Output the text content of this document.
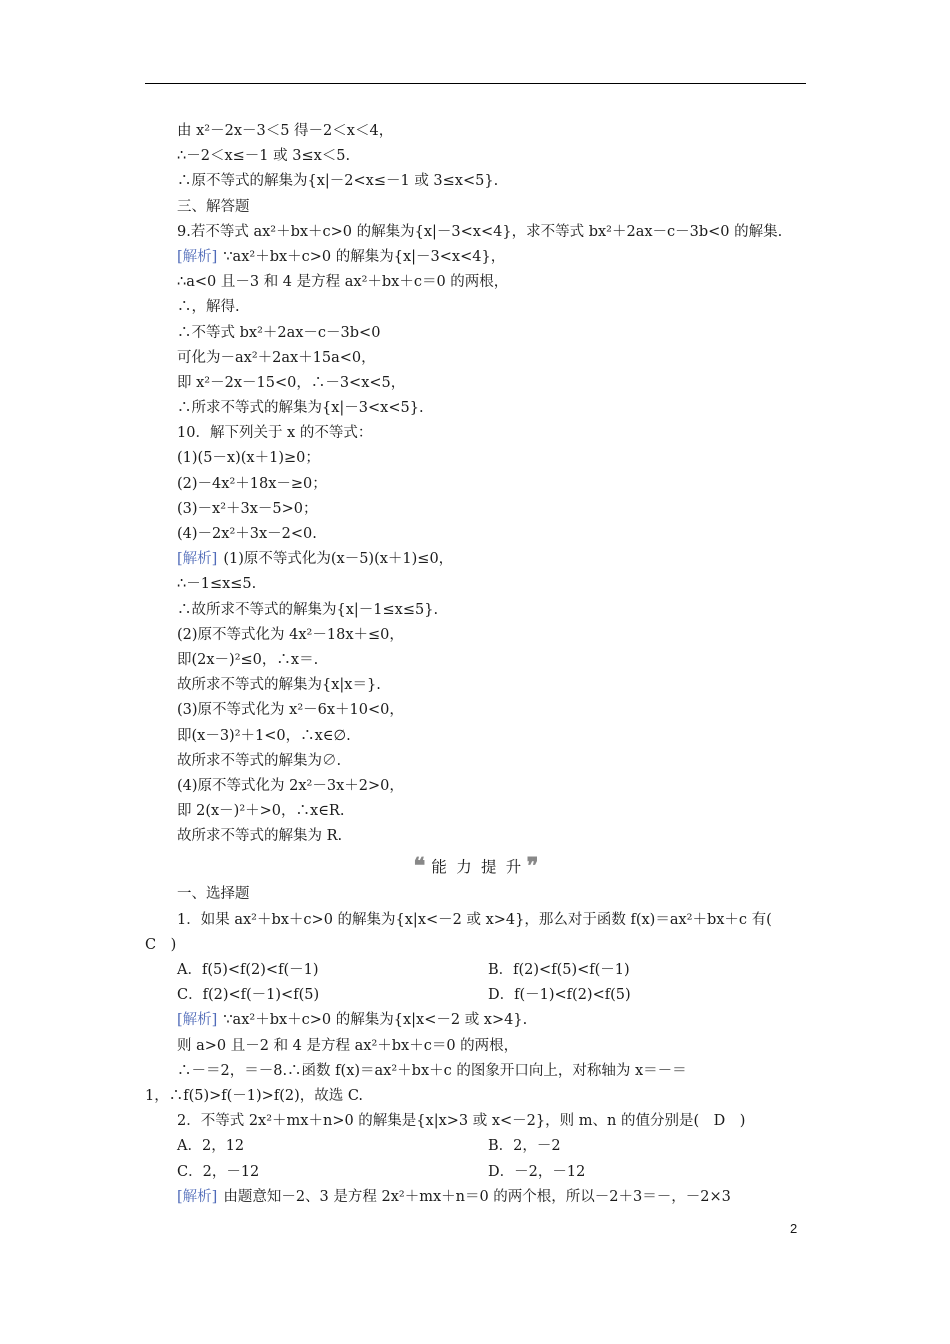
由 x²－2x－3＜5 得－2＜x＜4，
∴－2＜x≤－1 或 3≤x＜5.
∴原不等式的解集为{x|－2<x≤－1 或 3≤x<5}.
三、解答题
9.若不等式 ax²＋bx＋c>0 的解集为{x|－3<x<4}，求不等式 bx²＋2ax－c－3b<0 的解集.
[解析] ∵ax²＋bx＋c>0 的解集为{x|－3<x<4}，
∴a<0 且－3 和 4 是方程 ax²＋bx＋c＝0 的两根，
∴，解得.
∴不等式 bx²＋2ax－c－3b<0
可化为－ax²＋2ax＋15a<0，
即 x²－2x－15<0，∴－3<x<5，
∴所求不等式的解集为{x|－3<x<5}.
10．解下列关于 x 的不等式：
(1)(5－x)(x＋1)≥0；
(2)－4x²＋18x－≥0；
(3)－x²＋3x－5>0；
(4)－2x²＋3x－2<0.
[解析] (1)原不等式化为(x－5)(x＋1)≤0，
∴－1≤x≤5.
∴故所求不等式的解集为{x|－1≤x≤5}.
(2)原不等式化为 4x²－18x＋≤0，
即(2x－)²≤0，∴x＝.
故所求不等式的解集为{x|x＝}.
(3)原不等式化为 x²－6x＋10<0，
即(x－3)²＋1<0，∴x∈∅.
故所求不等式的解集为∅.
(4)原不等式化为 2x²－3x＋2>0，
即 2(x－)²＋>0，∴x∈R.
故所求不等式的解集为 R.
❝ 能力提升
❞
一、选择题
1．如果 ax²＋bx＋c>0 的解集为{x|x<－2 或 x>4}，那么对于函数 f(x)＝ax²＋bx＋c 有(
C　)
A．f(5)<f(2)<f(－1)	B．f(2)<f(5)<f(－1)
C．f(2)<f(－1)<f(5)	D．f(－1)<f(2)<f(5)
[解析] ∵ax²＋bx＋c>0 的解集为{x|x<－2 或 x>4}.
则 a>0 且－2 和 4 是方程 ax²＋bx＋c＝0 的两根，
∴－＝2，＝－8.∴函数 f(x)＝ax²＋bx＋c 的图象开口向上，对称轴为 x＝－＝
1，∴f(5)>f(－1)>f(2)，故选 C.
2．不等式 2x²＋mx＋n>0 的解集是{x|x>3 或 x<－2}，则 m、n 的值分别是(　D　)
A．2，12	B．2，－2
C．2，－12	D．－2，－12
[解析] 由题意知－2、3 是方程 2x²＋mx＋n＝0 的两个根，所以－2＋3＝－，－2×3
2
